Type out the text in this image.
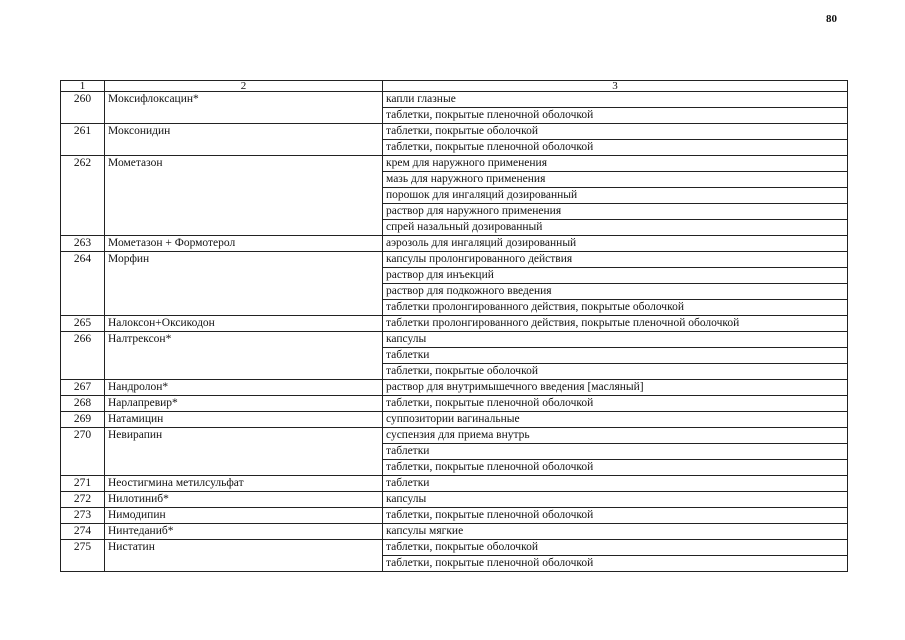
80
1	2	3
260	Моксифлоксацин*	капли глазные
		таблетки, покрытые пленочной оболочкой
261	Моксонидин	таблетки, покрытые оболочкой
		таблетки, покрытые пленочной оболочкой
262	Мометазон	крем для наружного применения
		мазь для наружного применения
		порошок для ингаляций дозированный
		раствор для наружного применения
		спрей назальный дозированный
263	Мометазон + Формотерол	аэрозоль для ингаляций дозированный
264	Морфин	капсулы пролонгированного действия
		раствор для инъекций
		раствор для подкожного введения
		таблетки пролонгированного действия, покрытые оболочкой
265	Налоксон+Оксикодон	таблетки пролонгированного действия, покрытые пленочной оболочкой
266	Налтрексон*	капсулы
		таблетки
		таблетки, покрытые оболочкой
267	Нандролон*	раствор для внутримышечного введения [масляный]
268	Нарлапревир*	таблетки, покрытые пленочной оболочкой
269	Натамицин	суппозитории вагинальные
270	Невирапин	суспензия для приема внутрь
		таблетки
		таблетки, покрытые пленочной оболочкой
271	Неостигмина метилсульфат	таблетки
272	Нилотиниб*	капсулы
273	Нимодипин	таблетки, покрытые пленочной оболочкой
274	Нинтеданиб*	капсулы мягкие
275	Нистатин	таблетки, покрытые оболочкой
		таблетки, покрытые пленочной оболочкой
